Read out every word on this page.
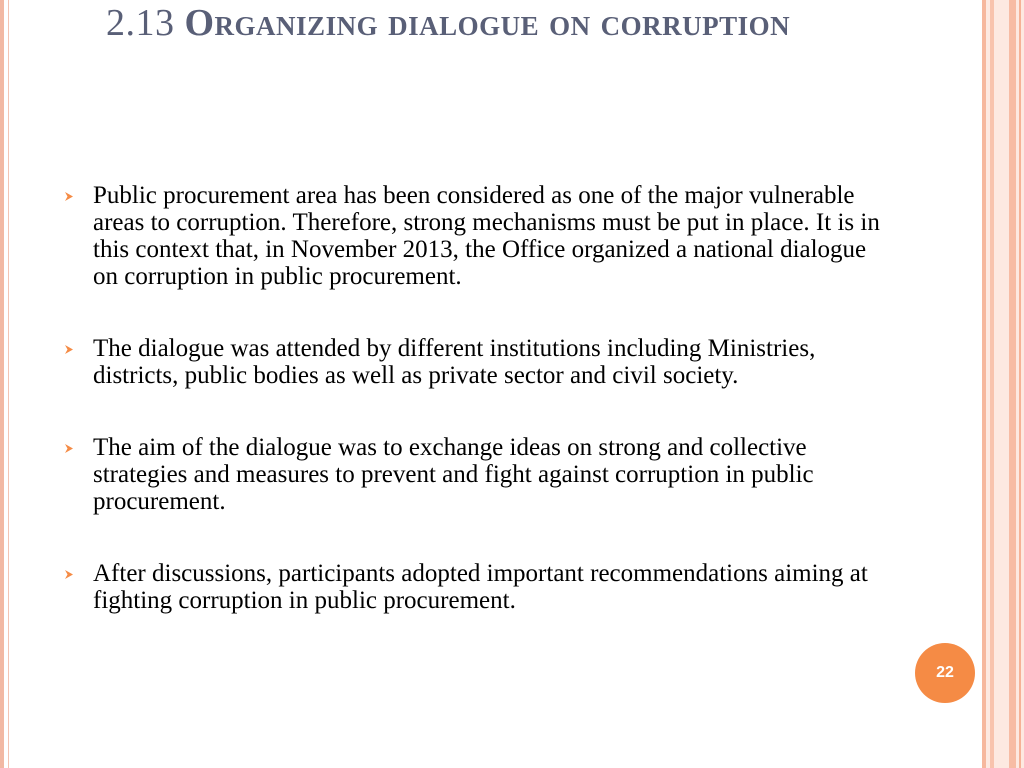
2.13 Organizing dialogue on corruption
Public procurement area has been considered as one of the major vulnerable areas to corruption. Therefore, strong mechanisms must be put in place. It is in this context that, in November 2013, the Office organized a national dialogue on corruption in public procurement.
The dialogue was attended by different institutions including Ministries, districts, public bodies as well as private sector and civil society.
The aim of the dialogue was to exchange ideas on strong and collective strategies and measures to prevent and fight against corruption in public procurement.
After discussions, participants adopted important recommendations aiming at fighting corruption in public procurement.
22
